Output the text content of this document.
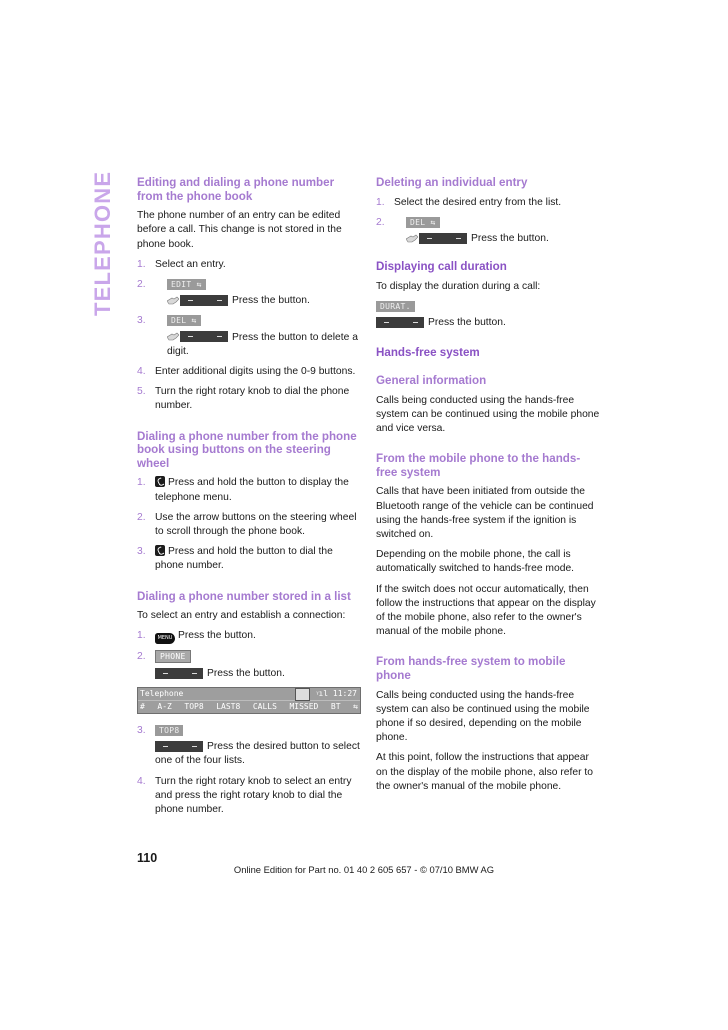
TELEPHONE Editing and dialing a phone number from the phone book

The phone number of an entry can be edited before a call. This change is not stored in the phone book.

1. Select an entry.
2.	EDIT ⇆
Press the button.
3.	DEL ⇆
Press the button to delete a digit.
4. Enter additional digits using the 0-9 buttons.
5. Turn the right rotary knob to dial the phone number.
Dialing a phone number from the phone book using buttons on the steering wheel
1. Press and hold the button to display the telephone menu.
2. Use the arrow buttons on the steering wheel to scroll through the phone book.
3. Press and hold the button to dial the phone number.
Dialing a phone number stored in a list

To select an entry and establish a connection:

1. MENU Press the button.
2. PHONE
Press the button.
Telephone	ᵞıl 11:27
# A-Z TOP8 LAST8 CALLS MISSED BT ⇆
3. TOP8
Press the desired button to select one of the four lists.
4. Turn the right rotary knob to select an entry and press the right rotary knob to dial the phone number.
Deleting an individual entry
1. Select the desired entry from the list.
2.	DEL ⇆
Press the button.
Displaying call duration

To display the duration during a call:

DURAT.
Press the button.
Hands-free system
General information

Calls being conducted using the hands-free system can be continued using the mobile phone and vice versa.

From the mobile phone to the hands-free system

Calls that have been initiated from outside the Bluetooth range of the vehicle can be continued using the hands-free system if the ignition is switched on.

Depending on the mobile phone, the call is automatically switched to hands-free mode.

If the switch does not occur automatically, then follow the instructions that appear on the display of the mobile phone, also refer to the owner's manual of the mobile phone.

From hands-free system to mobile phone

Calls being conducted using the hands-free system can also be continued using the mobile phone if so desired, depending on the mobile phone.

At this point, follow the instructions that appear on the display of the mobile phone, also refer to the owner's manual of the mobile phone.

110
Online Edition for Part no. 01 40 2 605 657 - © 07/10 BMW AG
